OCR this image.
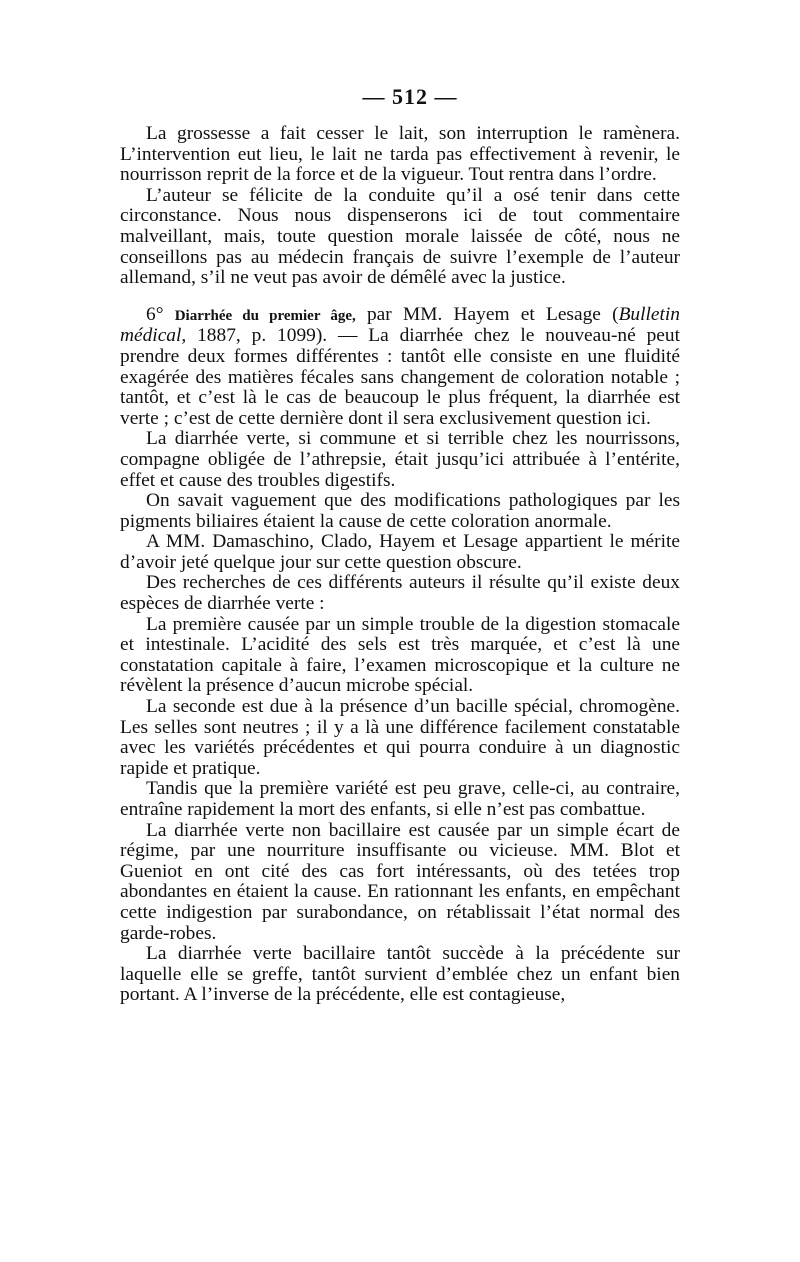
— 512 —

La grossesse a fait cesser le lait, son interruption le ramènera. L’intervention eut lieu, le lait ne tarda pas effectivement à revenir, le nourrisson reprit de la force et de la vigueur. Tout rentra dans l’ordre.

L’auteur se félicite de la conduite qu’il a osé tenir dans cette circonstance. Nous nous dispenserons ici de tout commentaire malveillant, mais, toute question morale laissée de côté, nous ne conseillons pas au médecin français de suivre l’exemple de l’auteur allemand, s’il ne veut pas avoir de démêlé avec la justice.

6° Diarrhée du premier âge, par MM. Hayem et Lesage (Bulletin médical, 1887, p. 1099). — La diarrhée chez le nouveau-né peut prendre deux formes différentes : tantôt elle consiste en une fluidité exagérée des matières fécales sans changement de coloration notable ; tantôt, et c’est là le cas de beaucoup le plus fréquent, la diarrhée est verte ; c’est de cette dernière dont il sera exclusivement question ici.

La diarrhée verte, si commune et si terrible chez les nourrissons, compagne obligée de l’athrepsie, était jusqu’ici attribuée à l’entérite, effet et cause des troubles digestifs.

On savait vaguement que des modifications pathologiques par les pigments biliaires étaient la cause de cette coloration anormale.

A MM. Damaschino, Clado, Hayem et Lesage appartient le mérite d’avoir jeté quelque jour sur cette question obscure.

Des recherches de ces différents auteurs il résulte qu’il existe deux espèces de diarrhée verte :

La première causée par un simple trouble de la digestion stomacale et intestinale. L’acidité des sels est très marquée, et c’est là une constatation capitale à faire, l’examen microscopique et la culture ne révèlent la présence d’aucun microbe spécial.

La seconde est due à la présence d’un bacille spécial, chromogène. Les selles sont neutres ; il y a là une différence facilement constatable avec les variétés précédentes et qui pourra conduire à un diagnostic rapide et pratique.

Tandis que la première variété est peu grave, celle-ci, au contraire, entraîne rapidement la mort des enfants, si elle n’est pas combattue.

La diarrhée verte non bacillaire est causée par un simple écart de régime, par une nourriture insuffisante ou vicieuse. MM. Blot et Gueniot en ont cité des cas fort intéressants, où des tetées trop abondantes en étaient la cause. En rationnant les enfants, en empêchant cette indigestion par surabondance, on rétablissait l’état normal des garde-robes.

La diarrhée verte bacillaire tantôt succède à la précédente sur laquelle elle se greffe, tantôt survient d’emblée chez un enfant bien portant. A l’inverse de la précédente, elle est contagieuse,
